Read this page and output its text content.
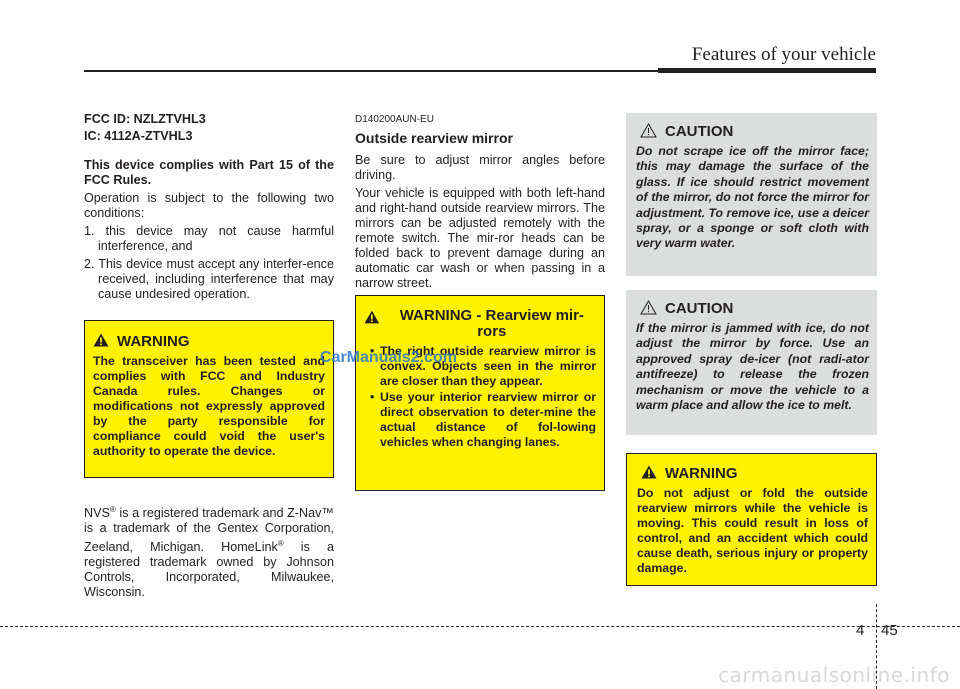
Features of your vehicle

FCC ID: NZLZTVHL3

IC: 4112A-ZTVHL3

This device complies with Part 15 of the FCC Rules.

Operation is subject to the following two conditions:

1. this device may not cause harmful interference, and

2. This device must accept any interfer-ence received, including interference that may cause undesired operation.

WARNING
The transceiver has been tested and complies with FCC and Industry Canada rules. Changes or modifications not expressly approved by the party responsible for compliance could void the user's authority to operate the device.

NVS® is a registered trademark and Z-Nav™ is a trademark of the Gentex Corporation, Zeeland, Michigan. HomeLink® is a registered trademark owned by Johnson Controls, Incorporated, Milwaukee, Wisconsin.

D140200AUN-EU

Outside rearview mirror

Be sure to adjust mirror angles before driving.

Your vehicle is equipped with both left-hand and right-hand outside rearview mirrors. The mirrors can be adjusted remotely with the remote switch. The mir-ror heads can be folded back to prevent damage during an automatic car wash or when passing in a narrow street.

WARNING - Rearview mir-rors
• The right outside rearview mirror is convex. Objects seen in the mirror are closer than they appear.
• Use your interior rearview mirror or direct observation to deter-mine the actual distance of fol-lowing vehicles when changing lanes.
CAUTION
Do not scrape ice off the mirror face; this may damage the surface of the glass. If ice should restrict movement of the mirror, do not force the mirror for adjustment. To remove ice, use a deicer spray, or a sponge or soft cloth with very warm water.
CAUTION
If the mirror is jammed with ice, do not adjust the mirror by force. Use an approved spray de-icer (not radi-ator antifreeze) to release the frozen mechanism or move the vehicle to a warm place and allow the ice to melt.
WARNING
Do not adjust or fold the outside rearview mirrors while the vehicle is moving. This could result in loss of control, and an accident which could cause death, serious injury or property damage.
CarManuals2.com
4 45
carmanualsonline.info
